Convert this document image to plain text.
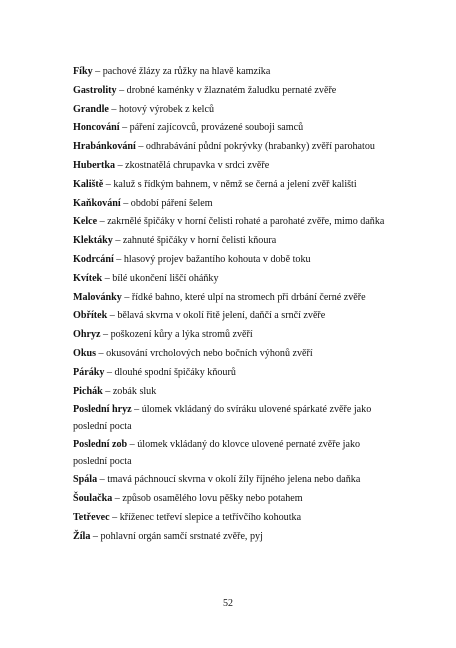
Fíky – pachové žlázy za růžky na hlavě kamzíka
Gastrolity – drobné kaménky v žlaznatém žaludku pernaté zvěře
Grandle – hotový výrobek z kelců
Honcování – páření zajícovců, provázené souboji samců
Hrabánkování – odhrabávání půdní pokrývky (hrabanky) zvěří parohatou
Hubertka – zkostnatělá chrupavka v srdci zvěře
Kaliště – kaluž s řídkým bahnem, v němž se černá a jelení zvěř kališti
Kaňkování – období páření šelem
Kelce – zakrnělé špičáky v horní čelisti rohaté a parohaté zvěře, mimo daňka
Klektáky – zahnuté špičáky v horní čelisti kňoura
Kodrcání – hlasový projev bažantího kohouta v době toku
Kvítek – bílé ukončení liščí oháňky
Malovánky – řídké bahno, které ulpí na stromech při drbání černé zvěře
Obřítek – bělavá skvrna v okolí řitě jelení, daňčí a srnčí zvěře
Ohryz – poškození kůry a lýka stromů zvěří
Okus – okusování vrcholových nebo bočních výhonů zvěří
Páráky – dlouhé spodní špičáky kňourů
Pichák – zobák sluk
Poslední hryz – úlomek vkládaný do svíráku ulovené spárkaté zvěře jako poslední pocta
Poslední zob – úlomek vkládaný do klovce ulovené pernaté zvěře jako poslední pocta
Spála – tmavá páchnoucí skvrna v okolí žíly říjného jelena nebo daňka
Šoulačka – způsob osamělého lovu pěšky nebo potahem
Tetřevec – kříženec tetřeví slepice a tetřívčího kohoutka
Žíla – pohlavní orgán samčí srstnaté zvěře, pyj
52
